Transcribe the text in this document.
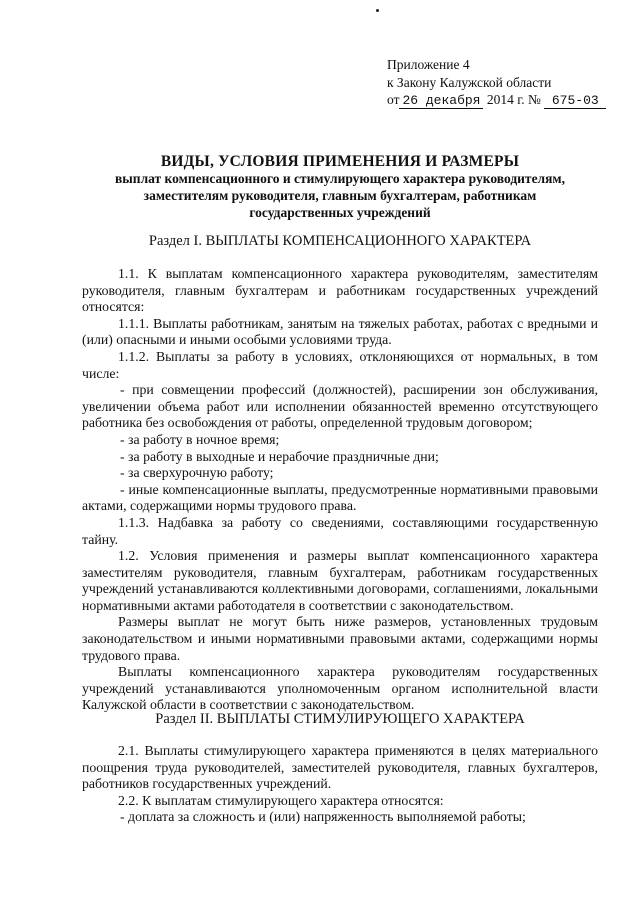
Приложение 4
к Закону Калужской области
от 26 декабря 2014 г. № 675-03
ВИДЫ, УСЛОВИЯ ПРИМЕНЕНИЯ И РАЗМЕРЫ
выплат компенсационного и стимулирующего характера руководителям,
заместителям руководителя, главным бухгалтерам, работникам
государственных учреждений
Раздел I. ВЫПЛАТЫ КОМПЕНСАЦИОННОГО ХАРАКТЕРА

1.1. К выплатам компенсационного характера руководителям, заместителям руководителя, главным бухгалтерам и работникам государственных учреждений относятся:

1.1.1. Выплаты работникам, занятым на тяжелых работах, работах с вредными и (или) опасными и иными особыми условиями труда.

1.1.2. Выплаты за работу в условиях, отклоняющихся от нормальных, в том числе:

- при совмещении профессий (должностей), расширении зон обслуживания, увеличении объема работ или исполнении обязанностей временно отсутствующего работника без освобождения от работы, определенной трудовым договором;

- за работу в ночное время;

- за работу в выходные и нерабочие праздничные дни;

- за сверхурочную работу;

- иные компенсационные выплаты, предусмотренные нормативными правовыми актами, содержащими нормы трудового права.

1.1.3. Надбавка за работу со сведениями, составляющими государственную тайну.

1.2. Условия применения и размеры выплат компенсационного характера заместителям руководителя, главным бухгалтерам, работникам государственных учреждений устанавливаются коллективными договорами, соглашениями, локальными нормативными актами работодателя в соответствии с законодательством.

Размеры выплат не могут быть ниже размеров, установленных трудовым законодательством и иными нормативными правовыми актами, содержащими нормы трудового права.

Выплаты компенсационного характера руководителям государственных учреждений устанавливаются уполномоченным органом исполнительной власти Калужской области в соответствии с законодательством.

Раздел II. ВЫПЛАТЫ СТИМУЛИРУЮЩЕГО ХАРАКТЕРА

2.1. Выплаты стимулирующего характера применяются в целях материального поощрения труда руководителей, заместителей руководителя, главных бухгалтеров, работников государственных учреждений.

2.2. К выплатам стимулирующего характера относятся:

- доплата за сложность и (или) напряженность выполняемой работы;
